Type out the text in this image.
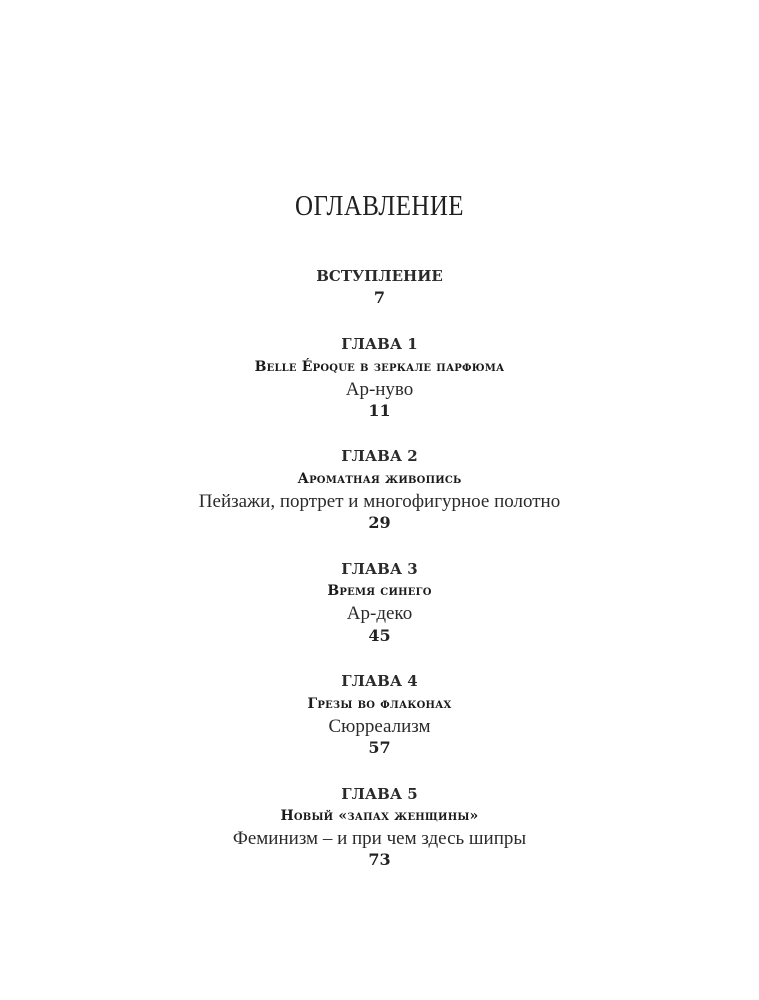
ОГЛАВЛЕНИЕ
ВСТУПЛЕНИЕ
7
ГЛАВА 1
Belle Époque в зеркале парфюма
Ар-нуво
11
ГЛАВА 2
Ароматная живопись
Пейзажи, портрет и многофигурное полотно
29
ГЛАВА 3
Время синего
Ар-деко
45
ГЛАВА 4
Грезы во флаконах
Сюрреализм
57
ГЛАВА 5
Новый «запах женщины»
Феминизм – и при чем здесь шипры
73
